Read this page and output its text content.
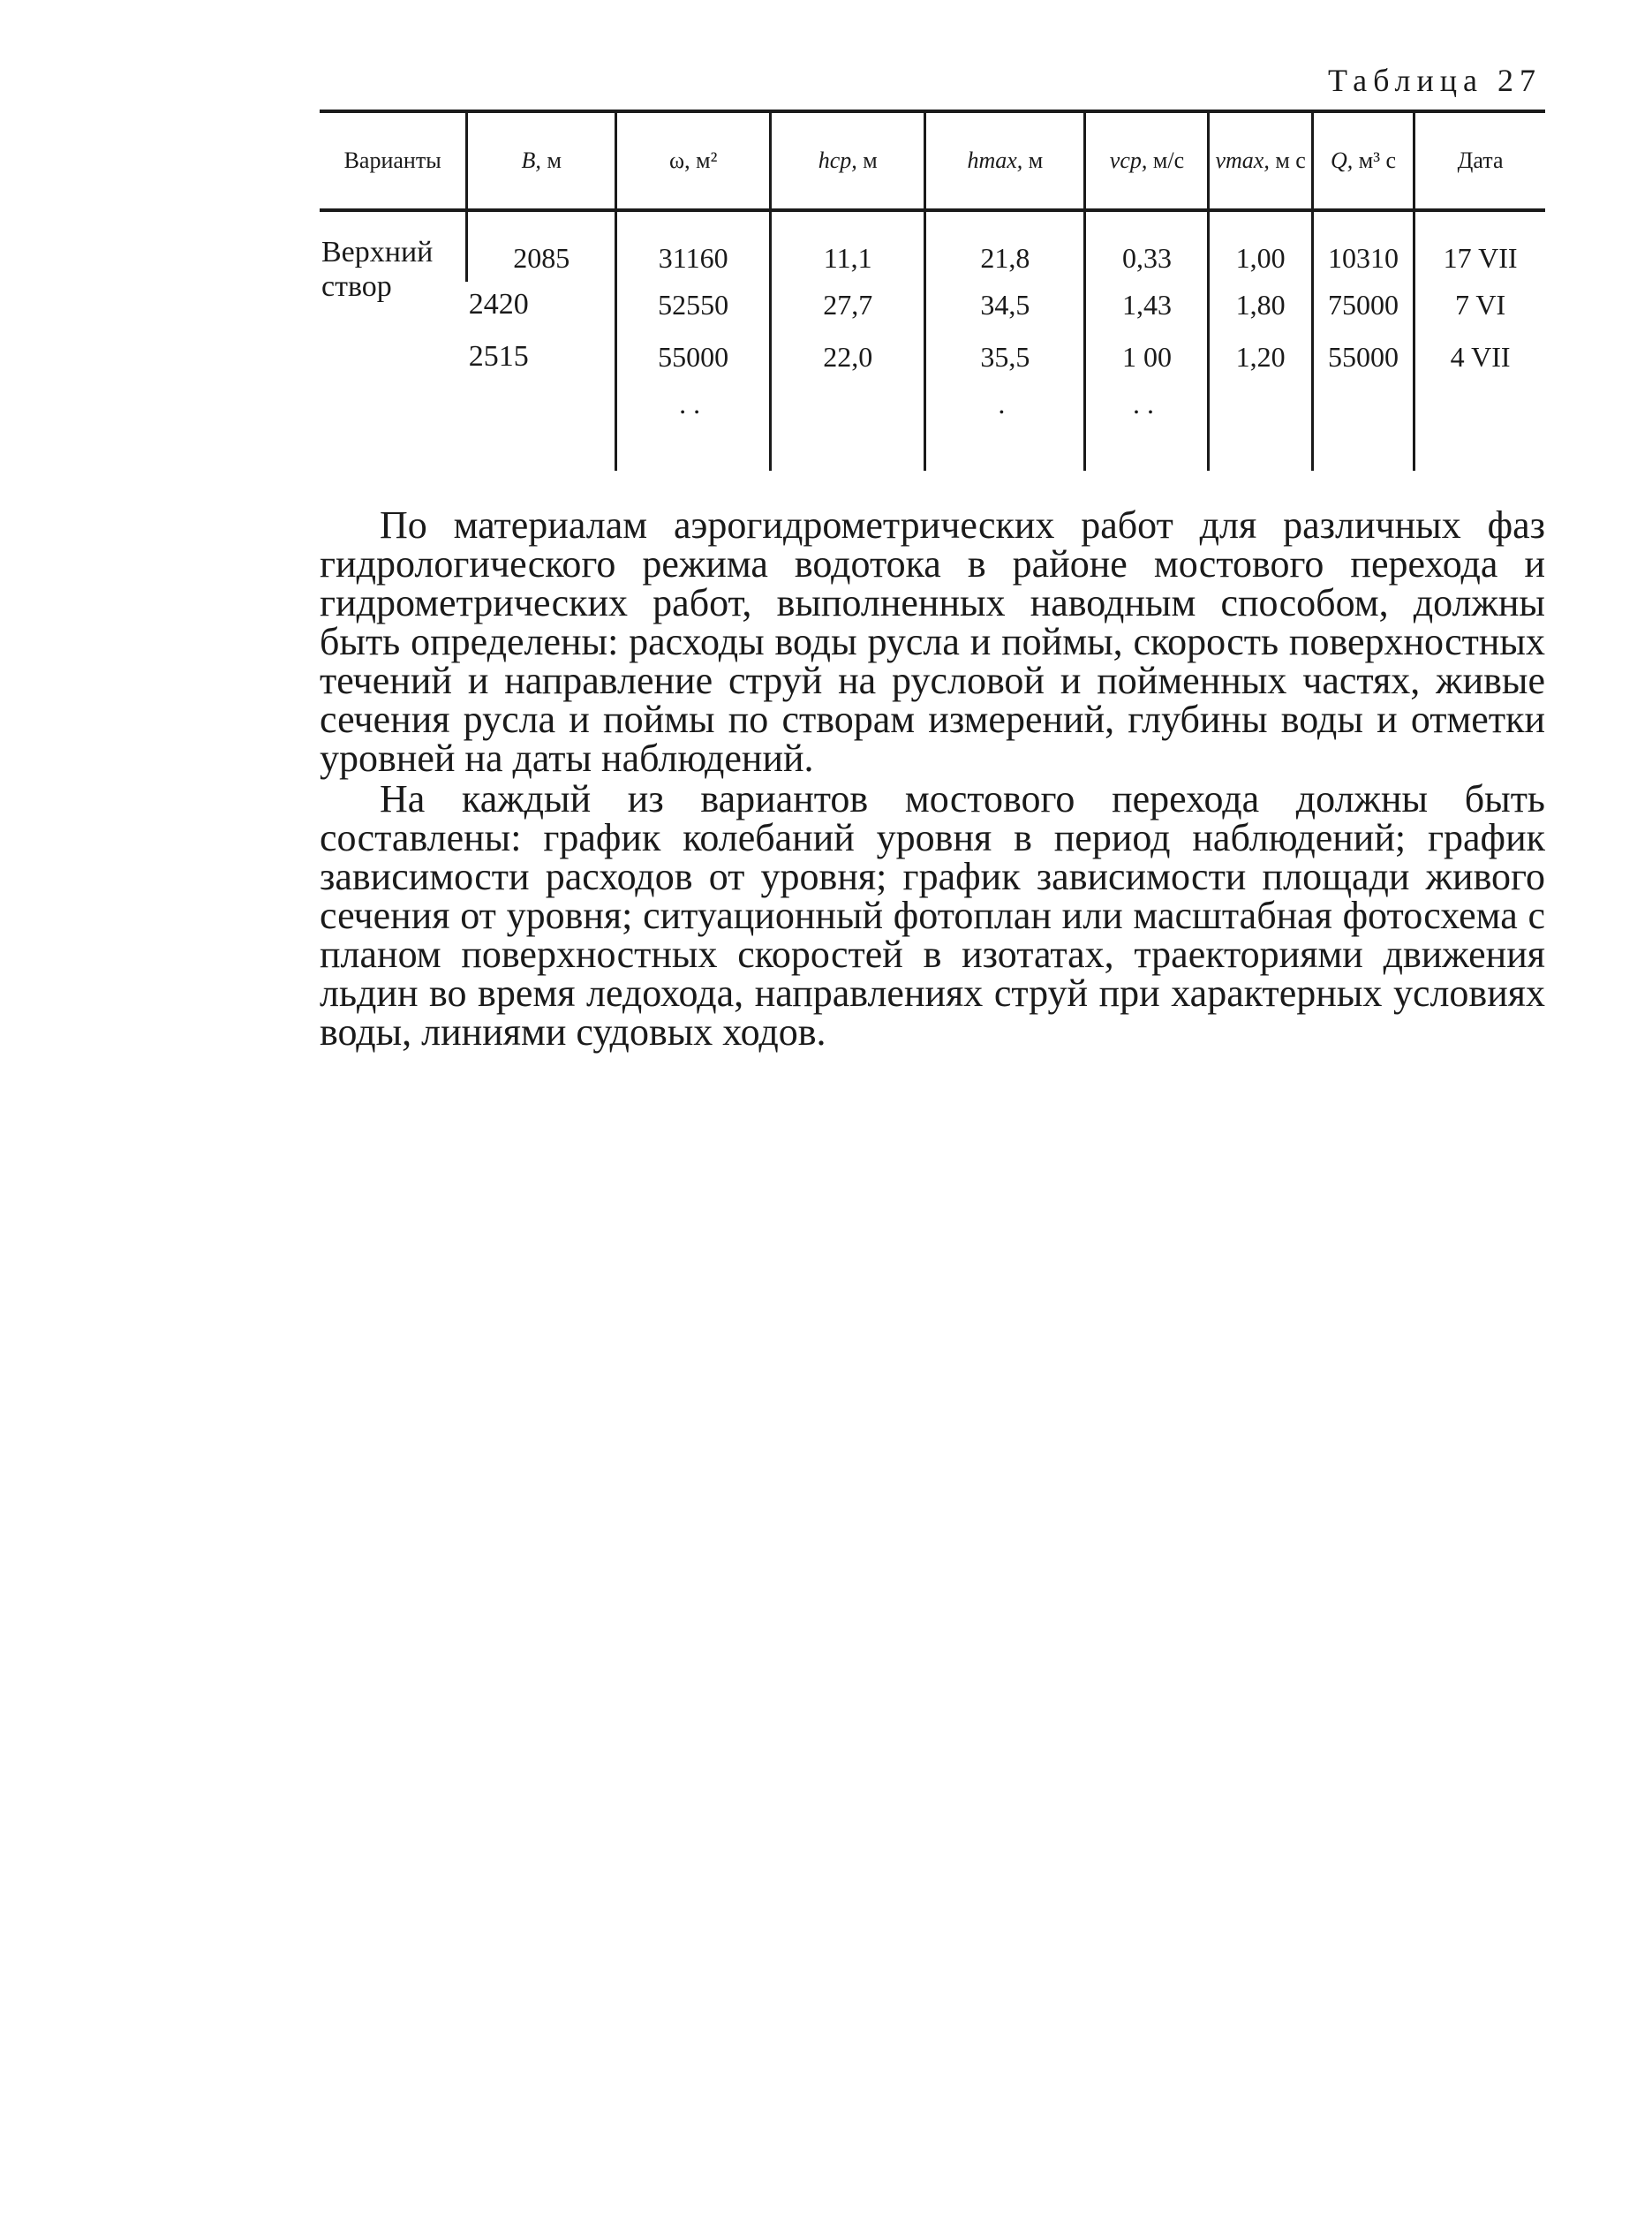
Таблица 27
Варианты	B, м	ω, м²	hср, м	hmax, м	vср, м/с	vmax, м с	Q, м³ с	Дата
Верхний створ	2085	31160	11,1	21,8	0,33	1,00	10310	17 VII
	2420	52550	27,7	34,5	1,43	1,80	75000	7 VI
	2515	55000	22,0	35,5	1 00	1,20	55000	4 VII
		..		.	..			

По материалам аэрогидрометрических работ для различных фаз гидрологического режима водотока в районе мостового перехода и гидрометрических работ, выполненных наводным способом, должны быть определены: расходы воды русла и поймы, скорость поверхностных течений и направление струй на русловой и пойменных частях, живые сечения русла и поймы по створам измерений, глубины воды и отметки уровней на даты наблюдений.

На каждый из вариантов мостового перехода должны быть составлены: график колебаний уровня в период наблюдений; график зависимости расходов от уровня; график зависимости площади живого сечения от уровня; ситуационный фотоплан или масштабная фотосхема с планом поверхностных скоростей в изотатах, траекториями движения льдин во время ледохода, направлениях струй при характерных условиях воды, линиями судовых ходов.
